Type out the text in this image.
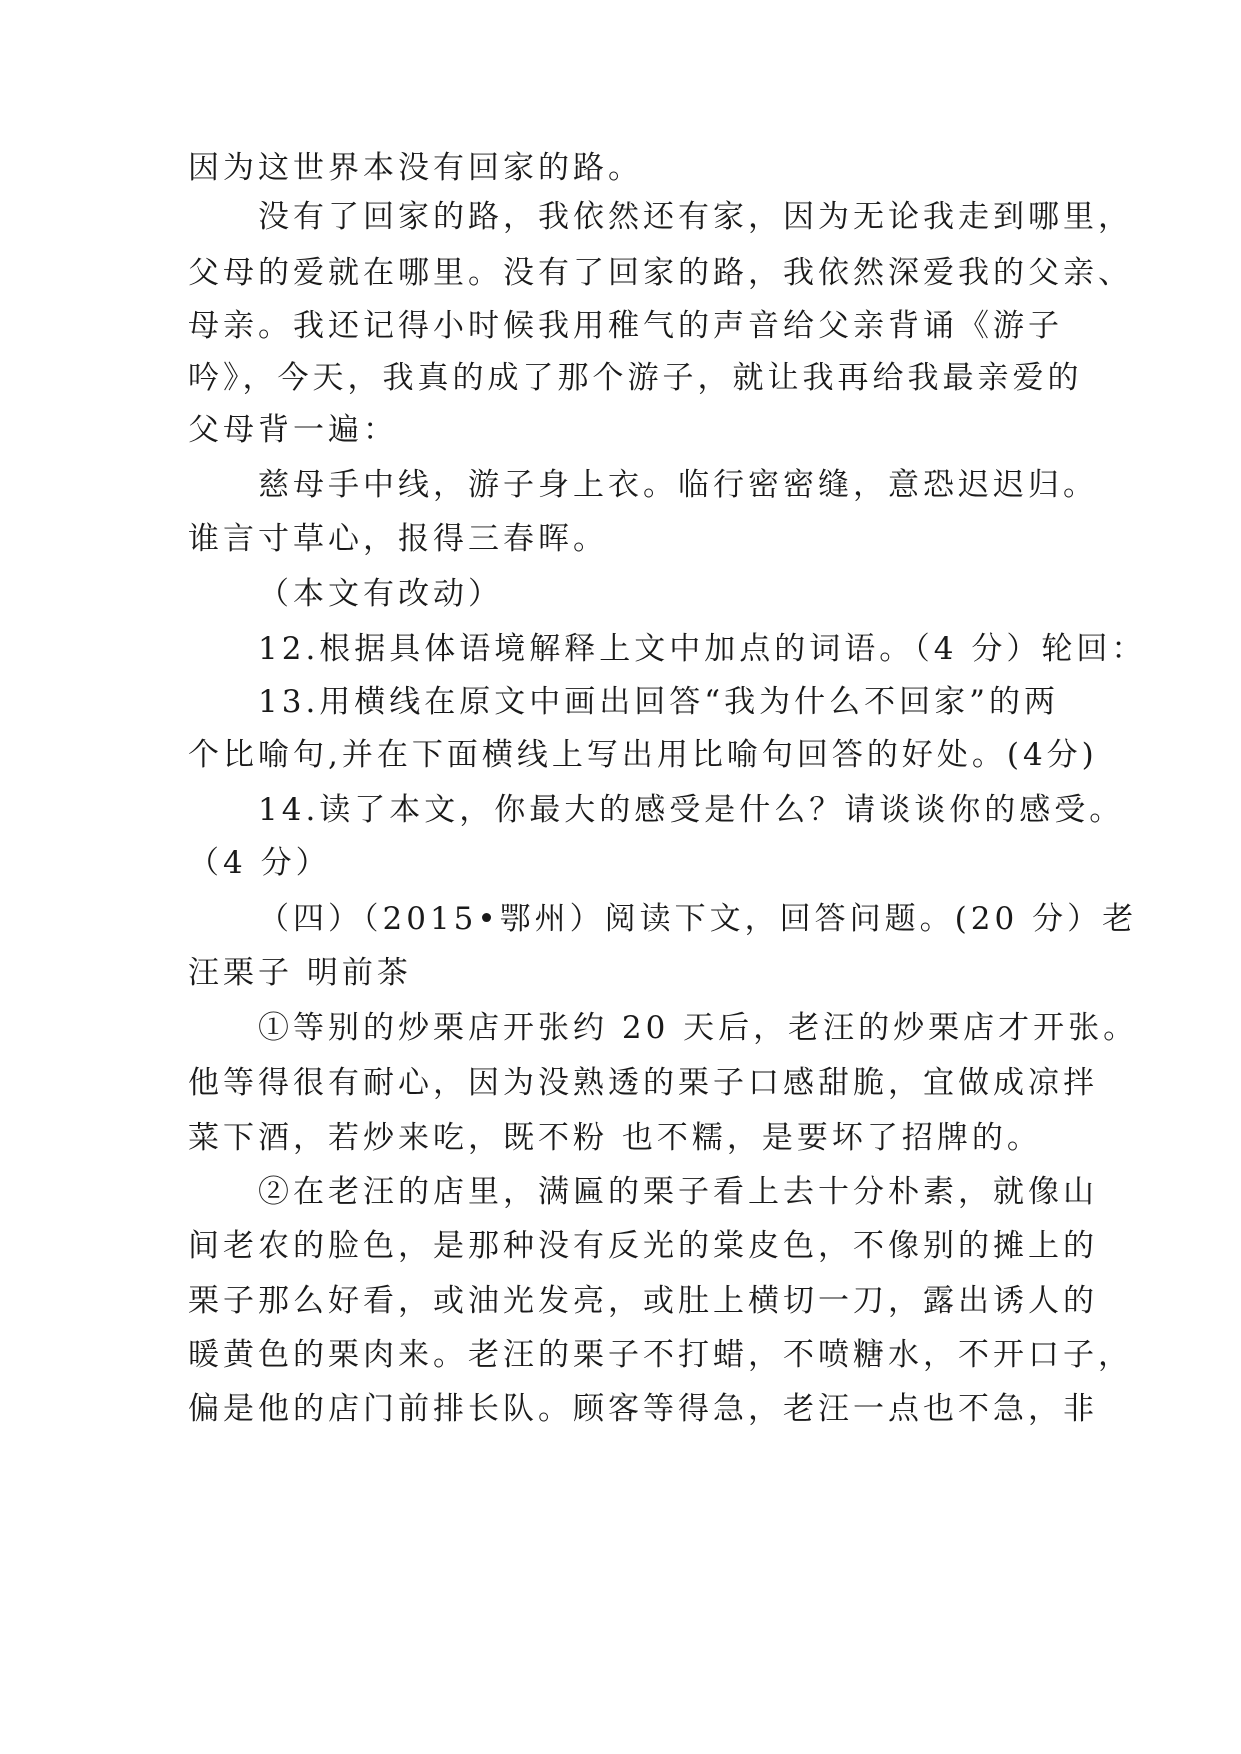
因为这世界本没有回家的路。

没有了回家的路，我依然还有家，因为无论我走到哪里，

父母的爱就在哪里。没有了回家的路，我依然深爱我的父亲、

母亲。我还记得小时候我用稚气的声音给父亲背诵《游子

吟》，今天，我真的成了那个游子，就让我再给我最亲爱的

父母背一遍：

慈母手中线，游子身上衣。临行密密缝，意恐迟迟归。

谁言寸草心，报得三春晖。

（本文有改动）

12.根据具体语境解释上文中加点的词语。（4 分）轮回：

13.用横线在原文中画出回答“我为什么不回家”的两

个比喻句,并在下面横线上写出用比喻句回答的好处。(4分)

14.读了本文，你最大的感受是什么？请谈谈你的感受。

（4 分）

（四）（2015•鄂州）阅读下文，回答问题。(20 分）老

汪栗子 明前茶

①等别的炒栗店开张约 20 天后，老汪的炒栗店才开张。

他等得很有耐心，因为没熟透的栗子口感甜脆，宜做成凉拌

菜下酒，若炒来吃，既不粉 也不糯，是要坏了招牌的。

②在老汪的店里，满匾的栗子看上去十分朴素，就像山

间老农的脸色，是那种没有反光的棠皮色，不像别的摊上的

栗子那么好看，或油光发亮，或肚上横切一刀，露出诱人的

暖黄色的栗肉来。老汪的栗子不打蜡，不喷糖水，不开口子，

偏是他的店门前排长队。顾客等得急，老汪一点也不急，非
